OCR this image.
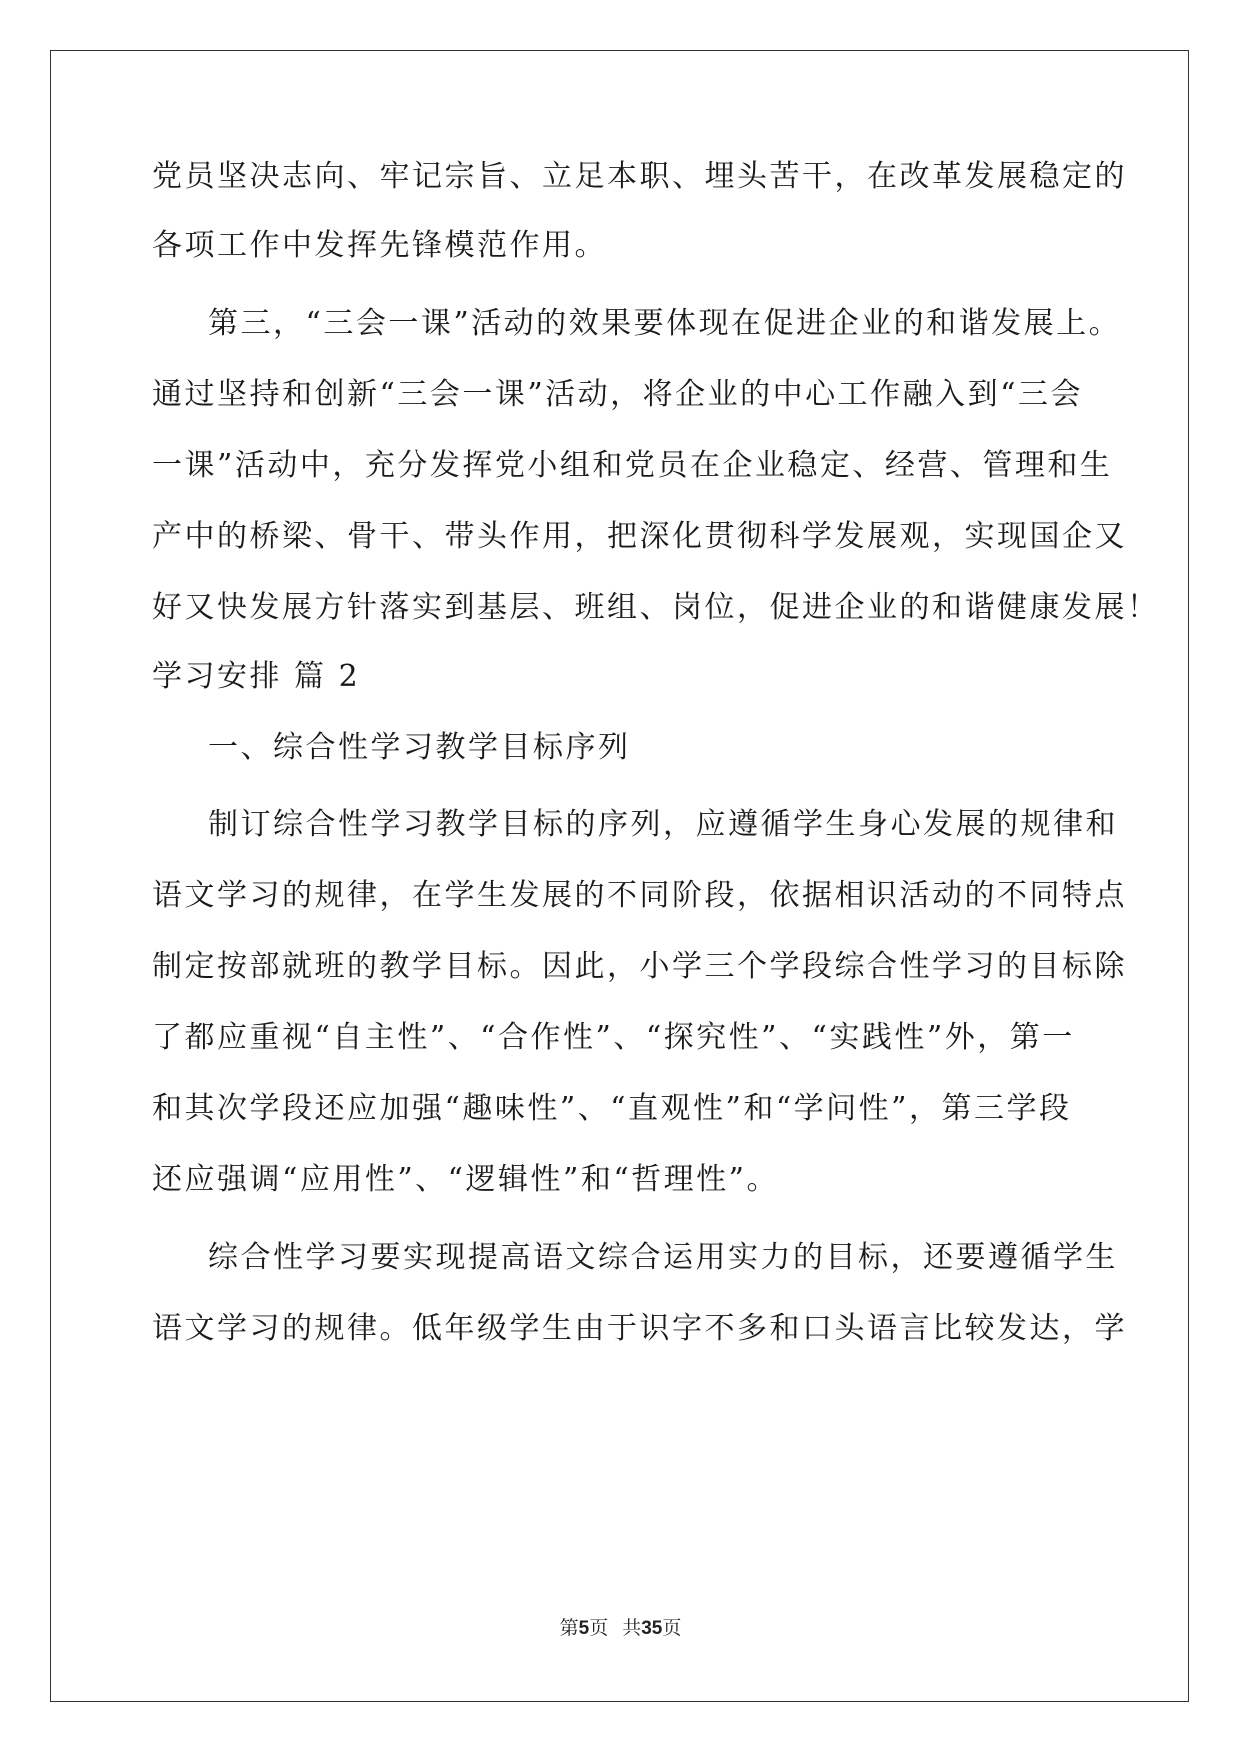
党员坚决志向、牢记宗旨、立足本职、埋头苦干，在改革发展稳定的
各项工作中发挥先锋模范作用。
第三，“三会一课”活动的效果要体现在促进企业的和谐发展上。
通过坚持和创新“三会一课”活动，将企业的中心工作融入到“三会
一课”活动中，充分发挥党小组和党员在企业稳定、经营、管理和生
产中的桥梁、骨干、带头作用，把深化贯彻科学发展观，实现国企又
好又快发展方针落实到基层、班组、岗位，促进企业的和谐健康发展！
学习安排 篇 2
一、综合性学习教学目标序列
制订综合性学习教学目标的序列，应遵循学生身心发展的规律和
语文学习的规律，在学生发展的不同阶段，依据相识活动的不同特点
制定按部就班的教学目标。因此，小学三个学段综合性学习的目标除
了都应重视“自主性”、“合作性”、“探究性”、“实践性”外，第一
和其次学段还应加强“趣味性”、“直观性”和“学问性”，第三学段
还应强调“应用性”、“逻辑性”和“哲理性”。
综合性学习要实现提高语文综合运用实力的目标，还要遵循学生
语文学习的规律。低年级学生由于识字不多和口头语言比较发达，学
第5页 共35页
